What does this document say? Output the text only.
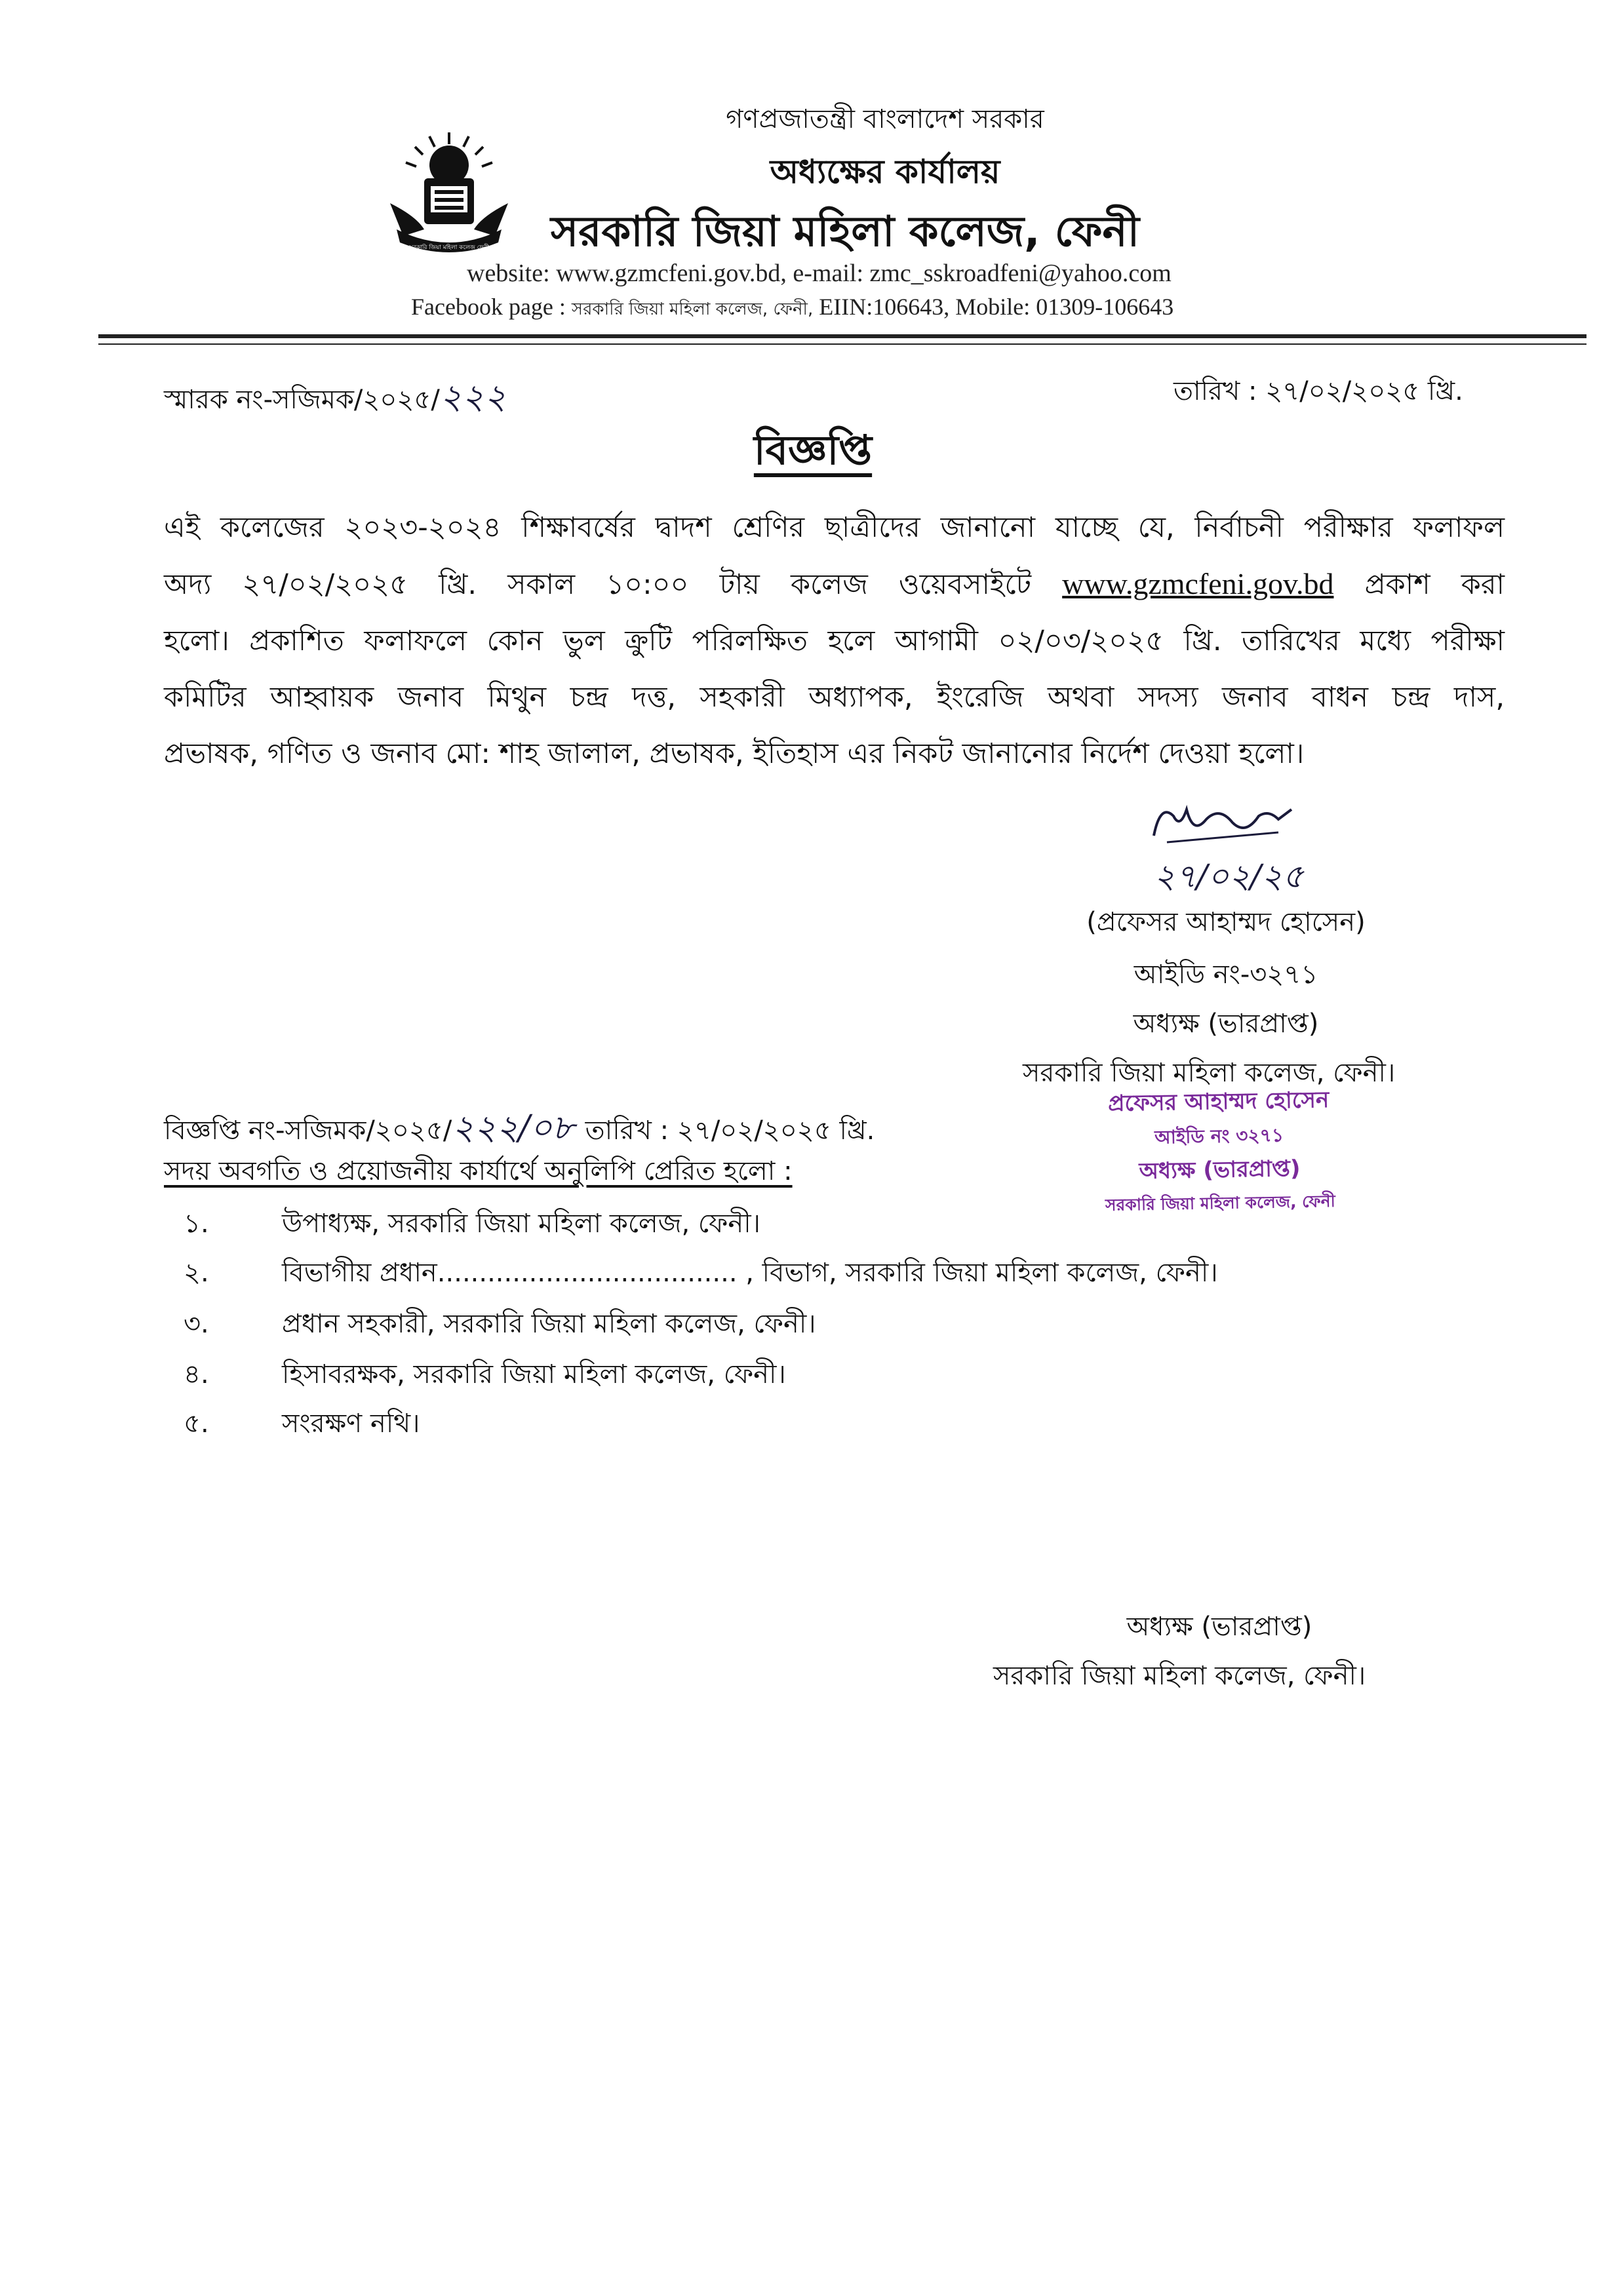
গণপ্রজাতন্ত্রী বাংলাদেশ সরকার
অধ্যক্ষের কার্যালয়
সরকারি জিয়া মহিলা কলেজ, ফেনী
সরকারি জিয়া মহিলা কলেজ ফেনী
website: www.gzmcfeni.gov.bd, e-mail: zmc_sskroadfeni@yahoo.com
Facebook page : সরকারি জিয়া মহিলা কলেজ, ফেনী, EIIN:106643, Mobile: 01309-106643
স্মারক নং-সজিমক/২০২৫/২২২	তারিখ : ২৭/০২/২০২৫ খ্রি.
বিজ্ঞপ্তি
এই কলেজের ২০২৩-২০২৪ শিক্ষাবর্ষের দ্বাদশ শ্রেণির ছাত্রীদের জানানো যাচ্ছে যে, নির্বাচনী পরীক্ষার ফলাফল
অদ্য ২৭/০২/২০২৫ খ্রি. সকাল ১০:০০ টায় কলেজ ওয়েবসাইটে www.gzmcfeni.gov.bd প্রকাশ করা
হলো। প্রকাশিত ফলাফলে কোন ভুল ক্রুটি পরিলক্ষিত হলে আগামী ০২/০৩/২০২৫ খ্রি. তারিখের মধ্যে পরীক্ষা
কমিটির আহ্বায়ক জনাব মিথুন চন্দ্র দত্ত, সহকারী অধ্যাপক, ইংরেজি অথবা সদস্য জনাব বাধন চন্দ্র দাস,
প্রভাষক, গণিত ও জনাব মো: শাহ জালাল, প্রভাষক, ইতিহাস এর নিকট জানানোর নির্দেশ দেওয়া হলো।
২৭/০২/২৫
(প্রফেসর আহাম্মদ হোসেন)
আইডি নং-৩২৭১
অধ্যক্ষ (ভারপ্রাপ্ত)
সরকারি জিয়া মহিলা কলেজ, ফেনী।
বিজ্ঞপ্তি নং-সজিমক/২০২৫/২২২/০৮ তারিখ : ২৭/০২/২০২৫ খ্রি.
সদয় অবগতি ও প্রয়োজনীয় কার্যার্থে অনুলিপি প্রেরিত হলো :
১.	উপাধ্যক্ষ, সরকারি জিয়া মহিলা কলেজ, ফেনী।
২.	বিভাগীয় প্রধান.................................... , বিভাগ, সরকারি জিয়া মহিলা কলেজ, ফেনী।
৩.	প্রধান সহকারী, সরকারি জিয়া মহিলা কলেজ, ফেনী।
৪.	হিসাবরক্ষক, সরকারি জিয়া মহিলা কলেজ, ফেনী।
৫.	সংরক্ষণ নথি।
প্রফেসর আহাম্মদ হোসেন
আইডি নং ৩২৭১
অধ্যক্ষ (ভারপ্রাপ্ত)
সরকারি জিয়া মহিলা কলেজ, ফেনী
অধ্যক্ষ (ভারপ্রাপ্ত)
সরকারি জিয়া মহিলা কলেজ, ফেনী।
